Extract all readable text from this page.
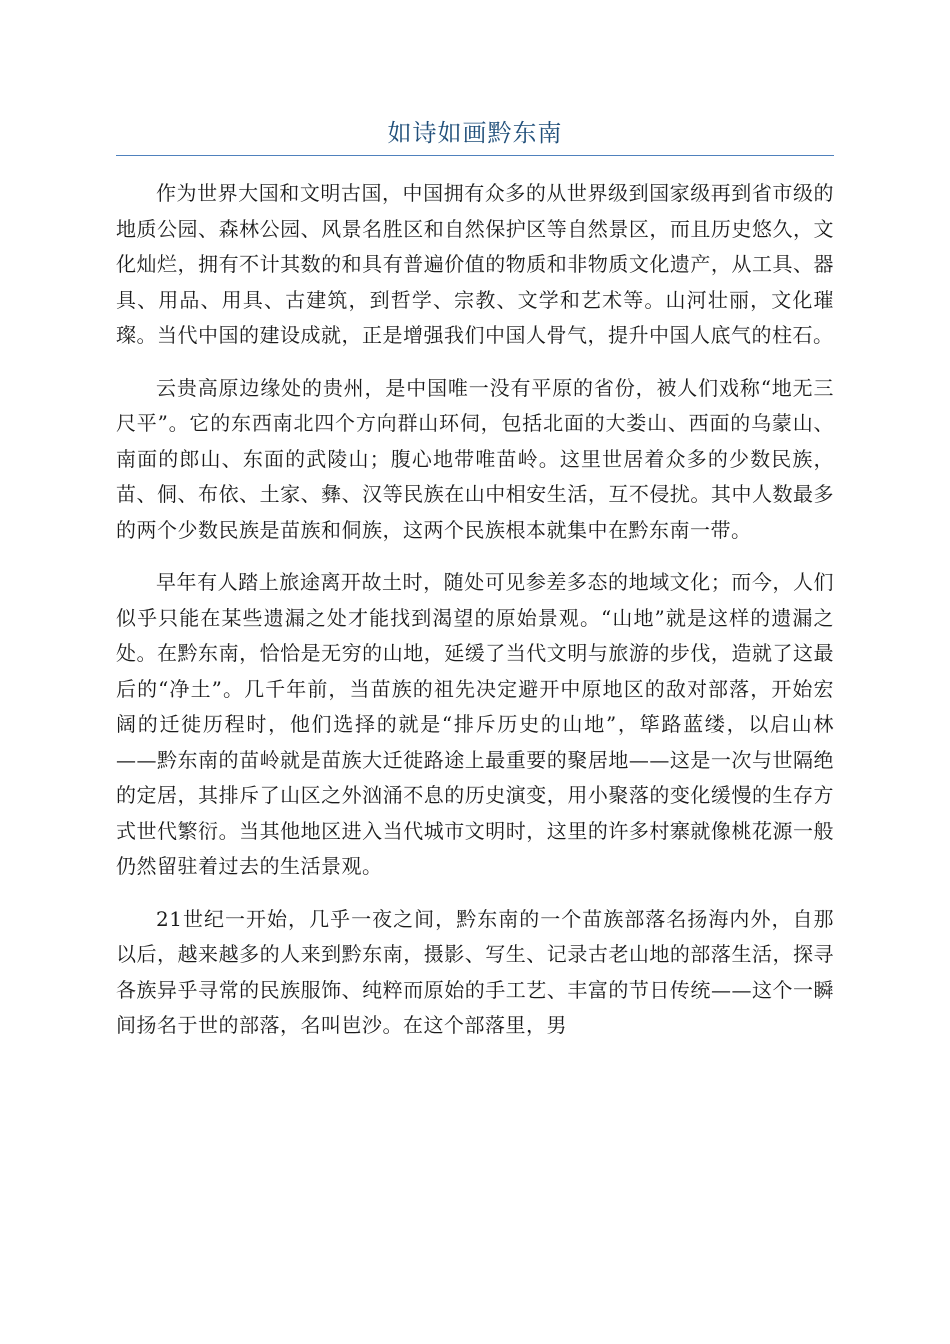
如诗如画黔东南

作为世界大国和文明古国，中国拥有众多的从世界级到国家级再到省市级的地质公园、森林公园、风景名胜区和自然保护区等自然景区，而且历史悠久，文化灿烂，拥有不计其数的和具有普遍价值的物质和非物质文化遗产，从工具、器具、用品、用具、古建筑，到哲学、宗教、文学和艺术等。山河壮丽，文化璀璨。当代中国的建设成就，正是增强我们中国人骨气，提升中国人底气的柱石。

云贵高原边缘处的贵州，是中国唯一没有平原的省份，被人们戏称“地无三尺平”。它的东西南北四个方向群山环伺，包括北面的大娄山、西面的乌蒙山、南面的郎山、东面的武陵山；腹心地带唯苗岭。这里世居着众多的少数民族，苗、侗、布依、土家、彝、汉等民族在山中相安生活，互不侵扰。其中人数最多的两个少数民族是苗族和侗族，这两个民族根本就集中在黔东南一带。

早年有人踏上旅途离开故土时，随处可见参差多态的地域文化；而今，人们似乎只能在某些遗漏之处才能找到渴望的原始景观。“山地”就是这样的遗漏之处。在黔东南，恰恰是无穷的山地，延缓了当代文明与旅游的步伐，造就了这最后的“净土”。几千年前，当苗族的祖先决定避开中原地区的敌对部落，开始宏阔的迁徙历程时，他们选择的就是“排斥历史的山地”，筚路蓝缕，以启山林——黔东南的苗岭就是苗族大迁徙路途上最重要的聚居地——这是一次与世隔绝的定居，其排斥了山区之外汹涌不息的历史演变，用小聚落的变化缓慢的生存方式世代繁衍。当其他地区进入当代城市文明时，这里的许多村寨就像桃花源一般仍然留驻着过去的生活景观。

21世纪一开始，几乎一夜之间，黔东南的一个苗族部落名扬海内外，自那以后，越来越多的人来到黔东南，摄影、写生、记录古老山地的部落生活，探寻各族异乎寻常的民族服饰、纯粹而原始的手工艺、丰富的节日传统——这个一瞬间扬名于世的部落，名叫岜沙。在这个部落里，男
